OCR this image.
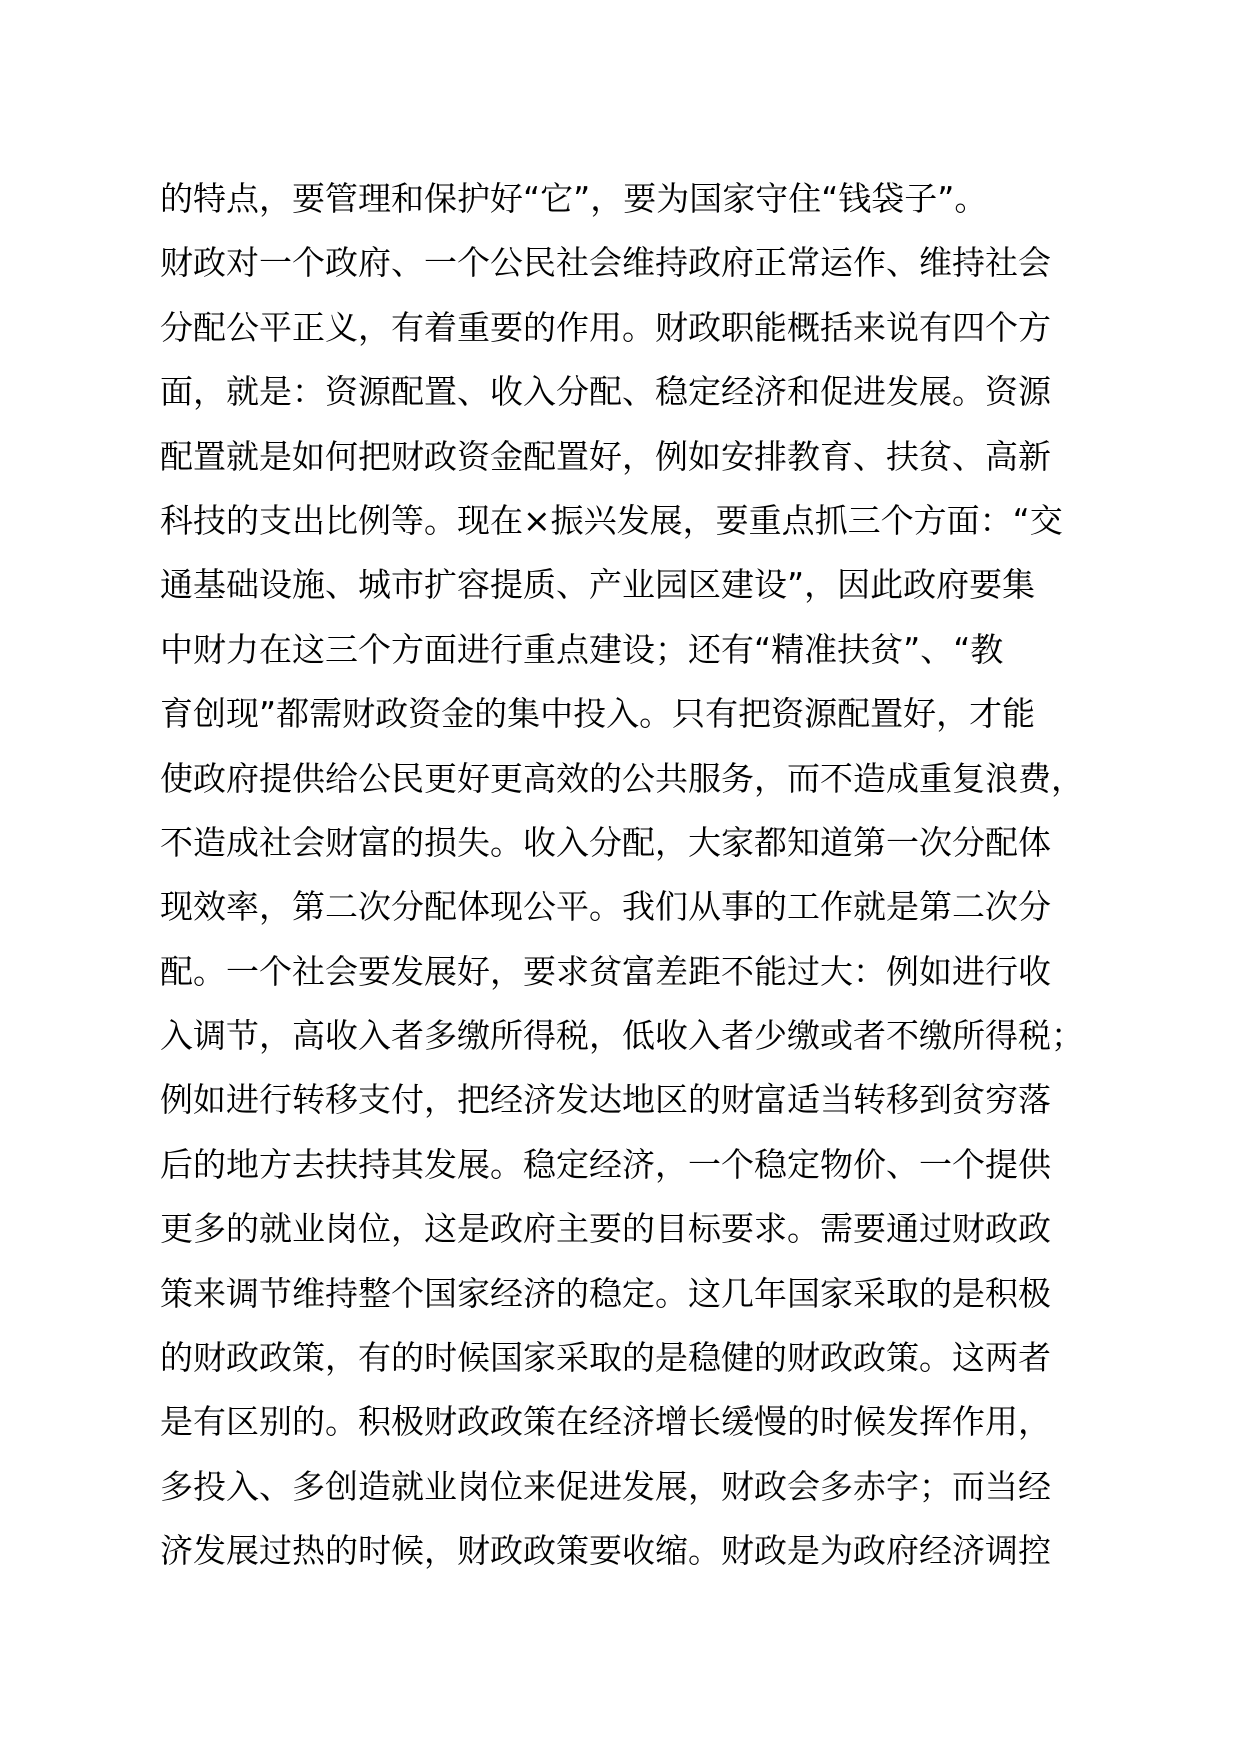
的特点，要管理和保护好“它”，要为国家守住“钱袋子”。
财政对一个政府、一个公民社会维持政府正常运作、维持社会
分配公平正义，有着重要的作用。财政职能概括来说有四个方
面，就是：资源配置、收入分配、稳定经济和促进发展。资源
配置就是如何把财政资金配置好，例如安排教育、扶贫、高新
科技的支出比例等。现在×振兴发展，要重点抓三个方面：“交
通基础设施、城市扩容提质、产业园区建设”，因此政府要集
中财力在这三个方面进行重点建设；还有“精准扶贫”、“教
育创现”都需财政资金的集中投入。只有把资源配置好，才能
使政府提供给公民更好更高效的公共服务，而不造成重复浪费，
不造成社会财富的损失。收入分配，大家都知道第一次分配体
现效率，第二次分配体现公平。我们从事的工作就是第二次分
配。一个社会要发展好，要求贫富差距不能过大：例如进行收
入调节，高收入者多缴所得税，低收入者少缴或者不缴所得税；
例如进行转移支付，把经济发达地区的财富适当转移到贫穷落
后的地方去扶持其发展。稳定经济，一个稳定物价、一个提供
更多的就业岗位，这是政府主要的目标要求。需要通过财政政
策来调节维持整个国家经济的稳定。这几年国家采取的是积极
的财政政策，有的时候国家采取的是稳健的财政政策。这两者
是有区别的。积极财政政策在经济增长缓慢的时候发挥作用，
多投入、多创造就业岗位来促进发展，财政会多赤字；而当经
济发展过热的时候，财政政策要收缩。财政是为政府经济调控
